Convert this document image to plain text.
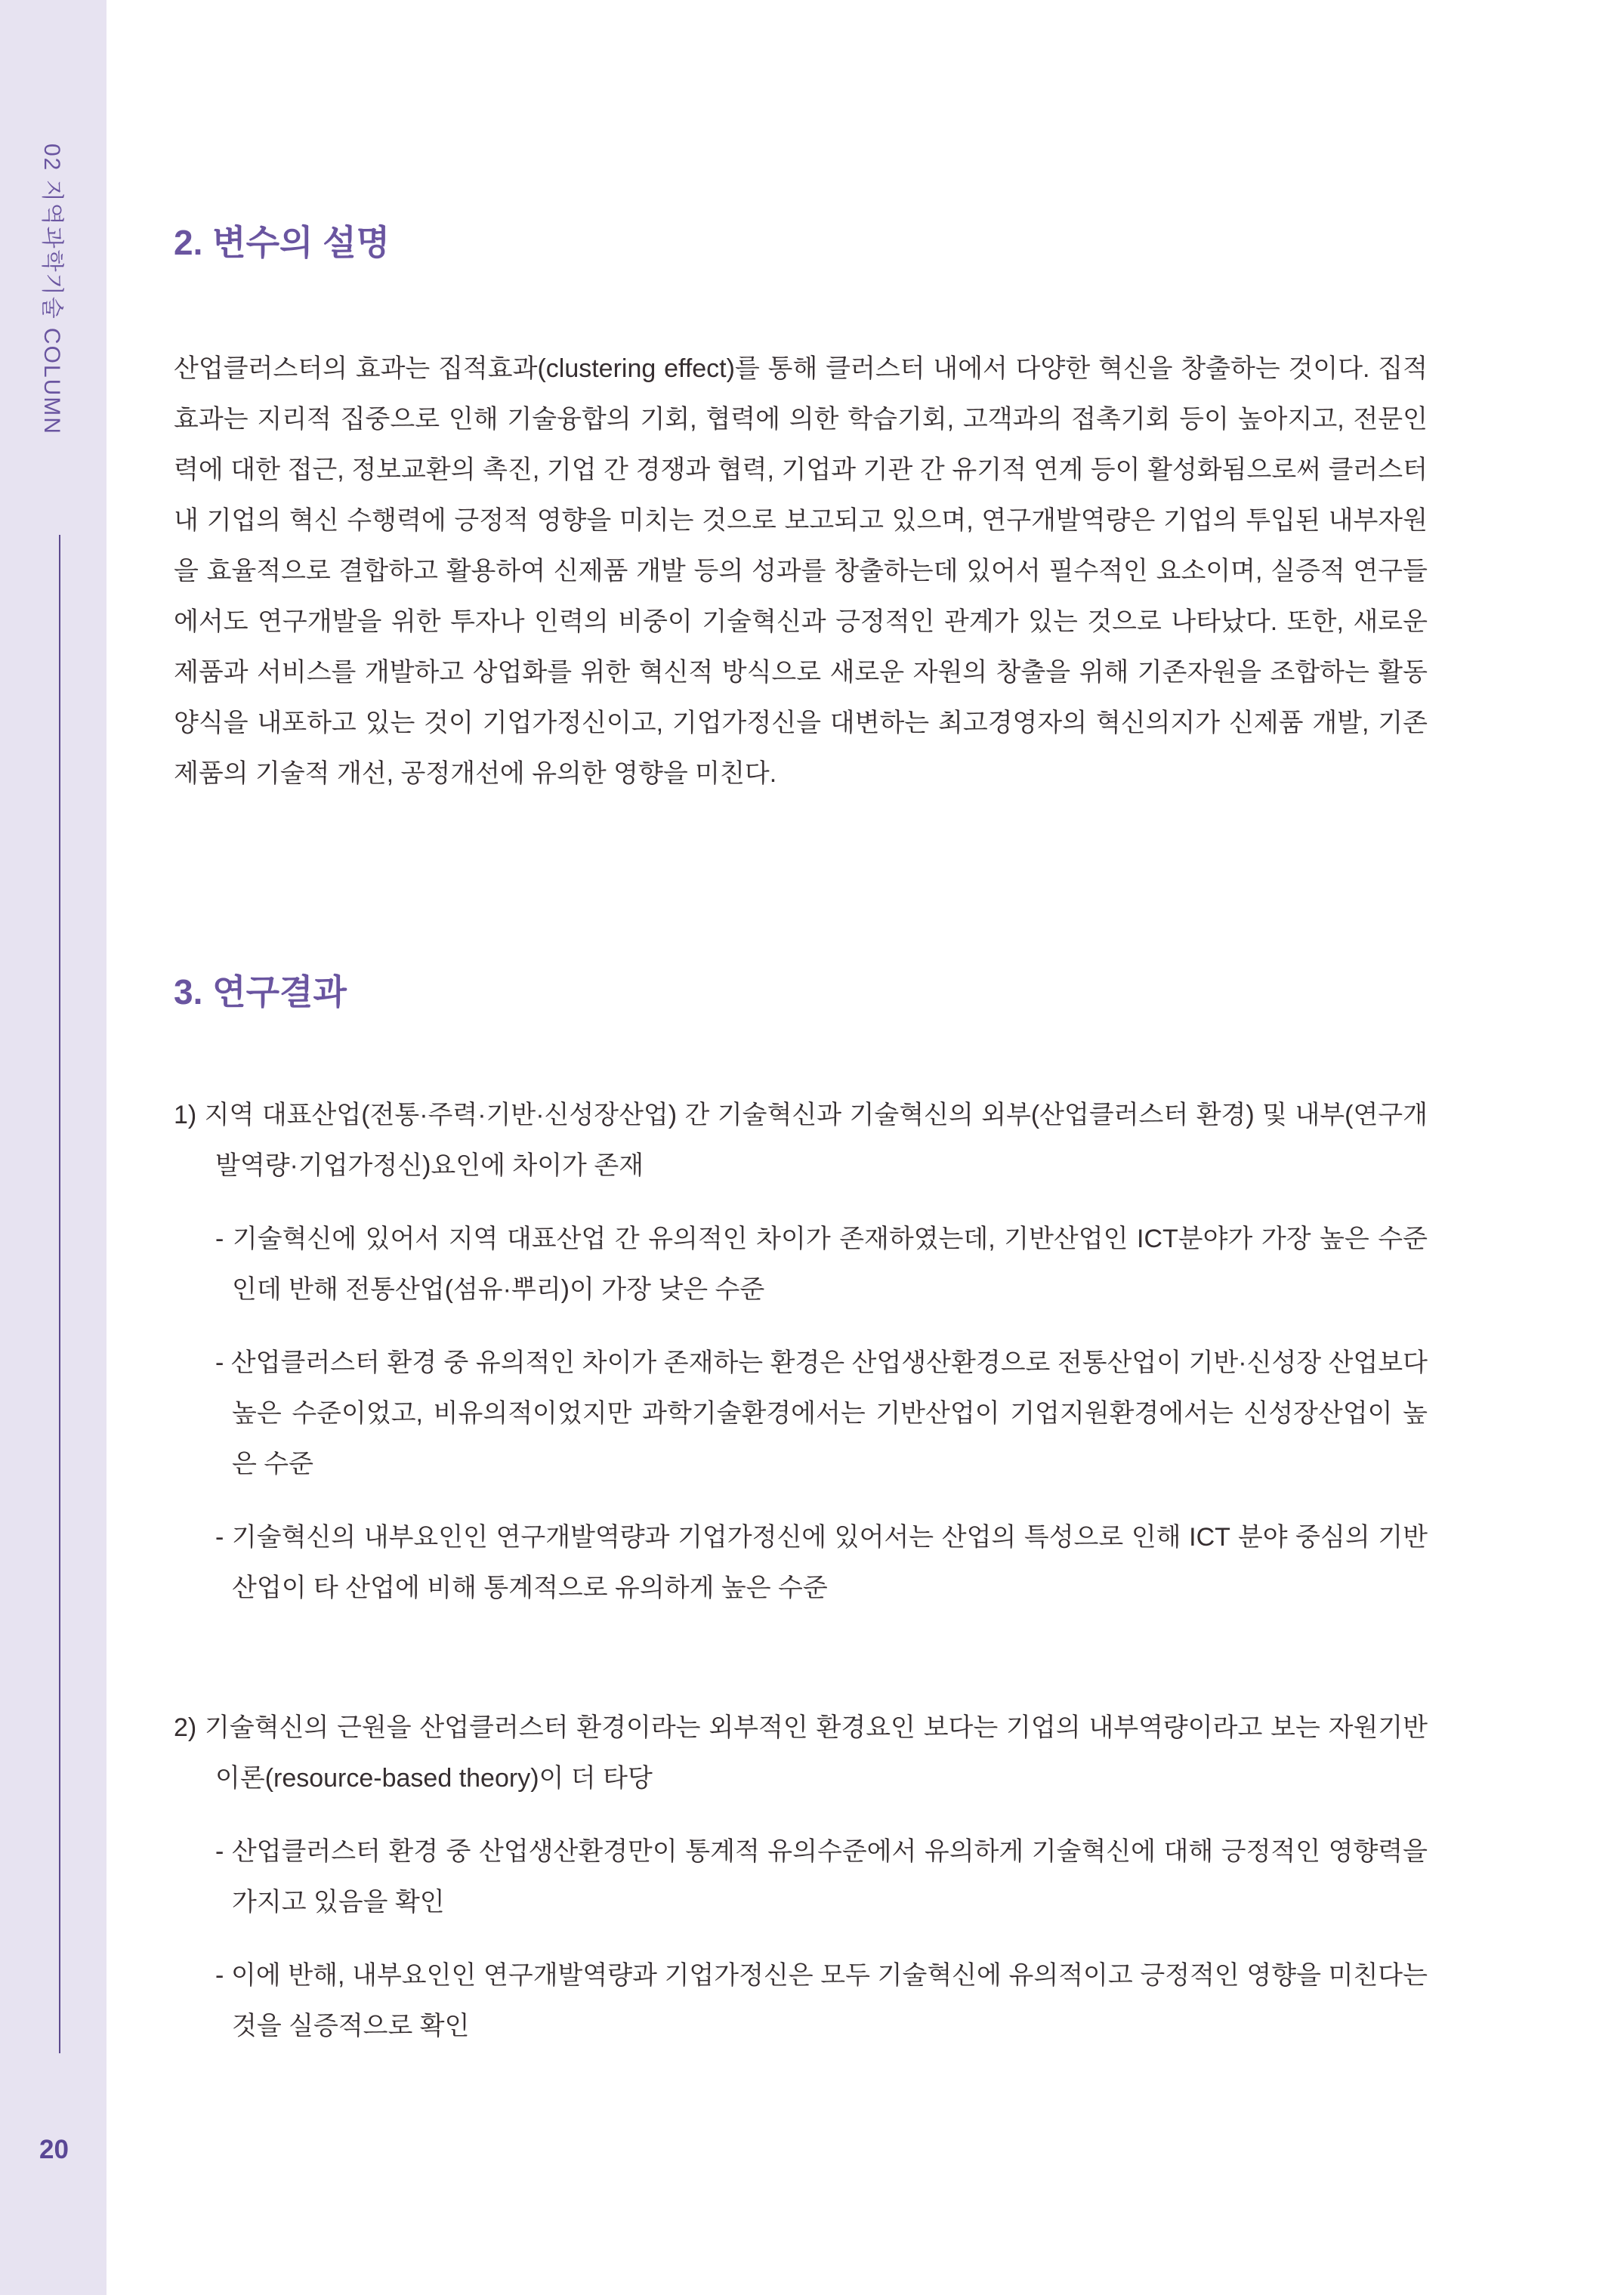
02 지역과학기술 COLUMN
20
2. 변수의 설명

산업클러스터의 효과는 집적효과(clustering effect)를 통해 클러스터 내에서 다양한 혁신을 창출하는 것이다. 집적효과는 지리적 집중으로 인해 기술융합의 기회, 협력에 의한 학습기회, 고객과의 접촉기회 등이 높아지고, 전문인력에 대한 접근, 정보교환의 촉진, 기업 간 경쟁과 협력, 기업과 기관 간 유기적 연계 등이 활성화됨으로써 클러스터 내 기업의 혁신 수행력에 긍정적 영향을 미치는 것으로 보고되고 있으며, 연구개발역량은 기업의 투입된 내부자원을 효율적으로 결합하고 활용하여 신제품 개발 등의 성과를 창출하는데 있어서 필수적인 요소이며, 실증적 연구들에서도 연구개발을 위한 투자나 인력의 비중이 기술혁신과 긍정적인 관계가 있는 것으로 나타났다. 또한, 새로운 제품과 서비스를 개발하고 상업화를 위한 혁신적 방식으로 새로운 자원의 창출을 위해 기존자원을 조합하는 활동양식을 내포하고 있는 것이 기업가정신이고, 기업가정신을 대변하는 최고경영자의 혁신의지가 신제품 개발, 기존제품의 기술적 개선, 공정개선에 유의한 영향을 미친다.

3. 연구결과
1) 지역 대표산업(전통·주력·기반·신성장산업) 간 기술혁신과 기술혁신의 외부(산업클러스터 환경) 및 내부(연구개발역량·기업가정신)요인에 차이가 존재
- 기술혁신에 있어서 지역 대표산업 간 유의적인 차이가 존재하였는데, 기반산업인 ICT분야가 가장 높은 수준인데 반해 전통산업(섬유·뿌리)이 가장 낮은 수준
- 산업클러스터 환경 중 유의적인 차이가 존재하는 환경은 산업생산환경으로 전통산업이 기반·신성장 산업보다 높은 수준이었고, 비유의적이었지만 과학기술환경에서는 기반산업이 기업지원환경에서는 신성장산업이 높은 수준
- 기술혁신의 내부요인인 연구개발역량과 기업가정신에 있어서는 산업의 특성으로 인해 ICT 분야 중심의 기반산업이 타 산업에 비해 통계적으로 유의하게 높은 수준
2) 기술혁신의 근원을 산업클러스터 환경이라는 외부적인 환경요인 보다는 기업의 내부역량이라고 보는 자원기반이론(resource-based theory)이 더 타당
- 산업클러스터 환경 중 산업생산환경만이 통계적 유의수준에서 유의하게 기술혁신에 대해 긍정적인 영향력을 가지고 있음을 확인
- 이에 반해, 내부요인인 연구개발역량과 기업가정신은 모두 기술혁신에 유의적이고 긍정적인 영향을 미친다는 것을 실증적으로 확인
